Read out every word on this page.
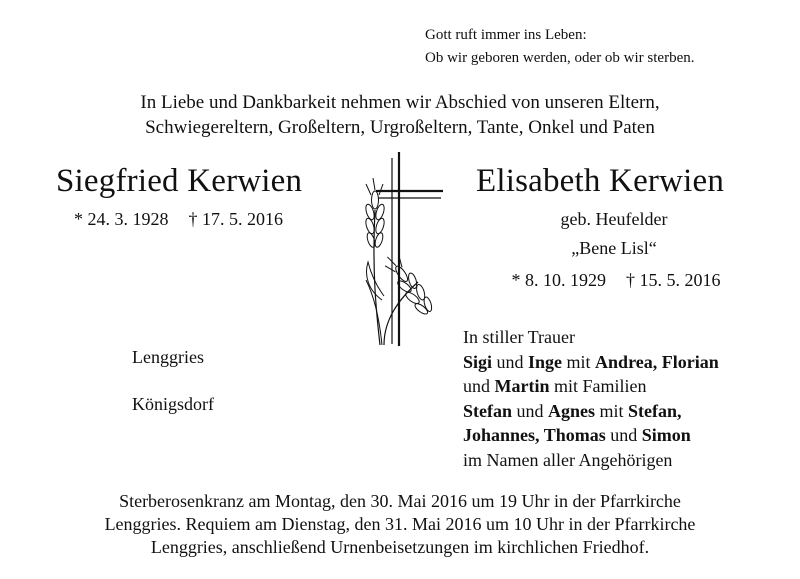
Gott ruft immer ins Leben:
Ob wir geboren werden, oder ob wir sterben.
In Liebe und Dankbarkeit nehmen wir Abschied von unseren Eltern,
Schwiegereltern, Großeltern, Urgroßeltern, Tante, Onkel und Paten
Siegfried Kerwien
* 24. 3. 1928 † 17. 5. 2016
Elisabeth Kerwien
geb. Heufelder
„Bene Lisl“
* 8. 10. 1929 † 15. 5. 2016
Lenggries
Königsdorf
In stiller Trauer
Sigi und Inge mit Andrea, Florian
und Martin mit Familien
Stefan und Agnes mit Stefan,
Johannes, Thomas und Simon
im Namen aller Angehörigen
Sterberosenkranz am Montag, den 30. Mai 2016 um 19 Uhr in der Pfarrkirche
Lenggries. Requiem am Dienstag, den 31. Mai 2016 um 10 Uhr in der Pfarrkirche
Lenggries, anschließend Urnenbeisetzungen im kirchlichen Friedhof.
